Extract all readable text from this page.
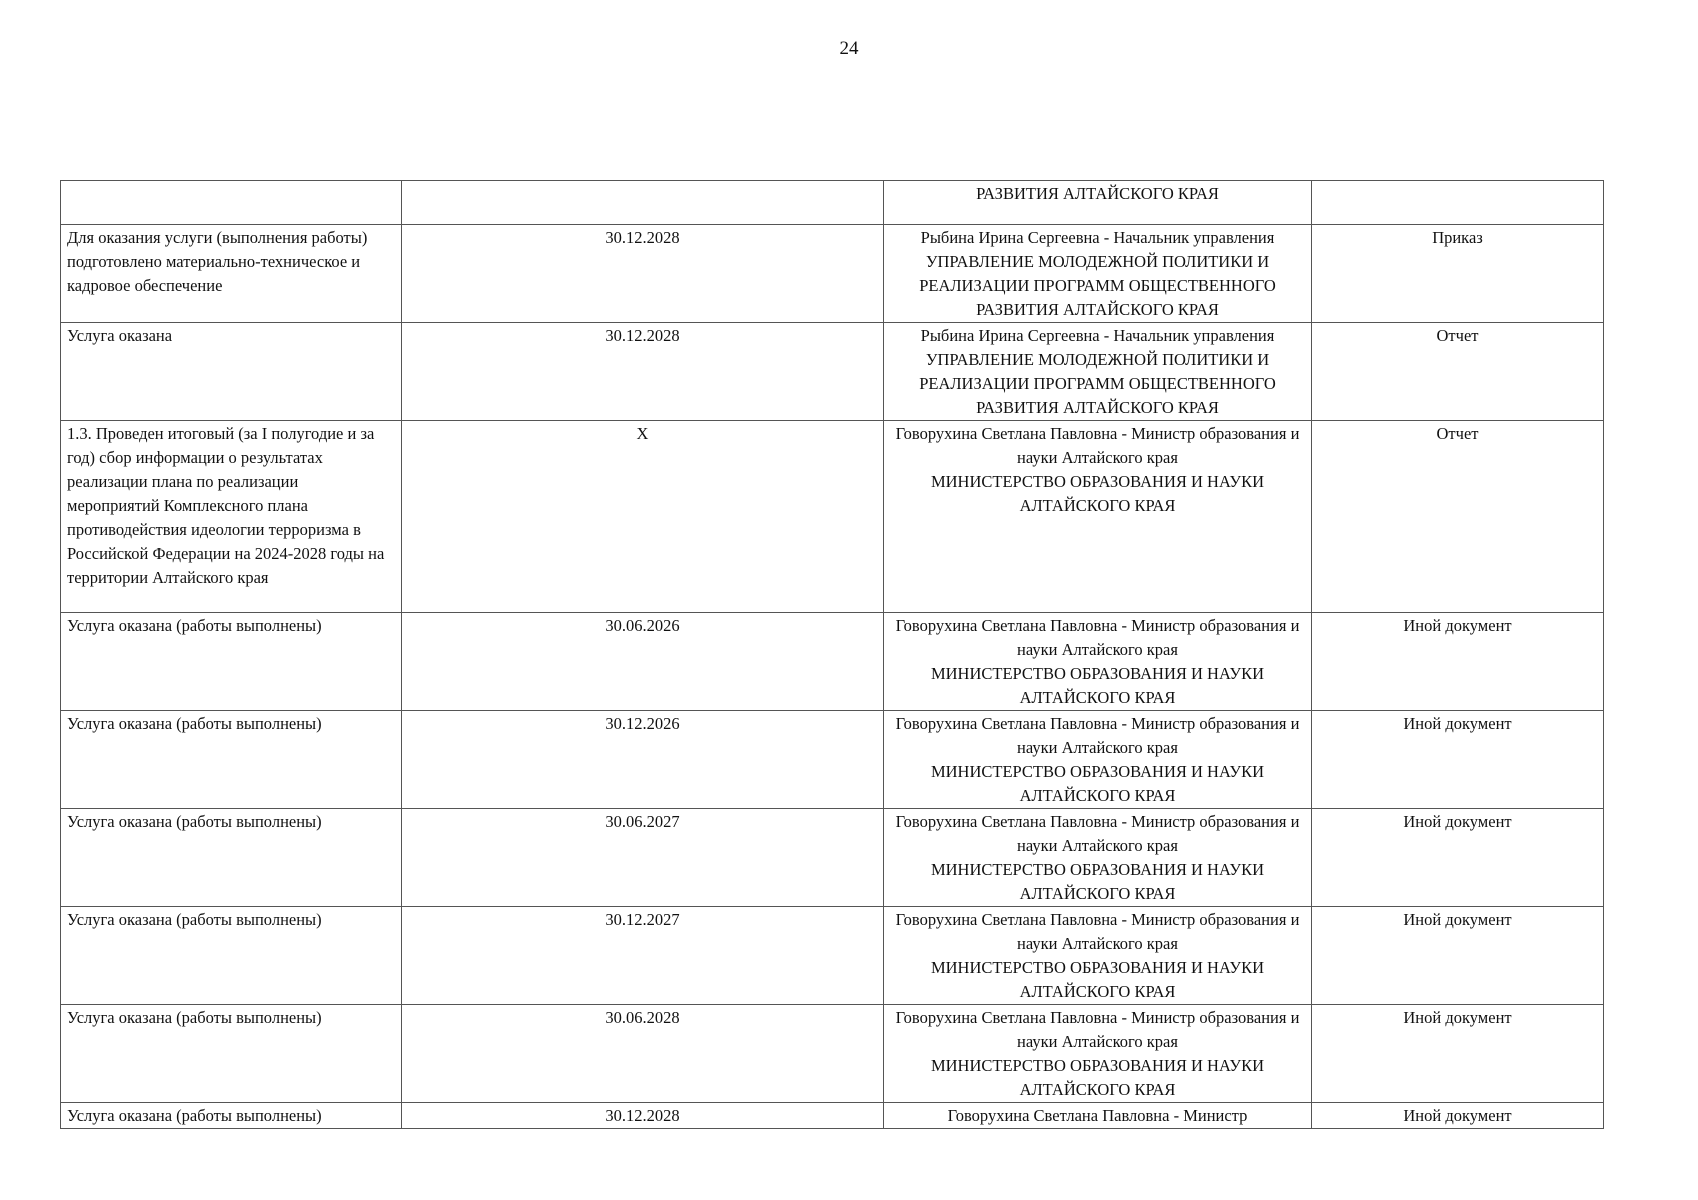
24

		РАЗВИТИЯ АЛТАЙСКОГО КРАЯ	

Для оказания услуги (выполнения работы) подготовлено материально-техническое и кадровое обеспечение	30.12.2028	Рыбина Ирина Сергеевна - Начальник управления
УПРАВЛЕНИЕ МОЛОДЕЖНОЙ ПОЛИТИКИ И РЕАЛИЗАЦИИ ПРОГРАММ ОБЩЕСТВЕННОГО РАЗВИТИЯ АЛТАЙСКОГО КРАЯ	Приказ
Услуга оказана	30.12.2028	Рыбина Ирина Сергеевна - Начальник управления
УПРАВЛЕНИЕ МОЛОДЕЖНОЙ ПОЛИТИКИ И РЕАЛИЗАЦИИ ПРОГРАММ ОБЩЕСТВЕННОГО РАЗВИТИЯ АЛТАЙСКОГО КРАЯ	Отчет
1.3. Проведен итоговый (за I полугодие и за год) сбор информации о результатах реализации плана по реализации мероприятий Комплексного плана противодействия идеологии терроризма в Российской Федерации на 2024-2028 годы на территории Алтайского края	X	Говорухина Светлана Павловна - Министр образования и науки Алтайского края
МИНИСТЕРСТВО ОБРАЗОВАНИЯ И НАУКИ АЛТАЙСКОГО КРАЯ	Отчет
Услуга оказана (работы выполнены)	30.06.2026	Говорухина Светлана Павловна - Министр образования и науки Алтайского края
МИНИСТЕРСТВО ОБРАЗОВАНИЯ И НАУКИ АЛТАЙСКОГО КРАЯ	Иной документ
Услуга оказана (работы выполнены)	30.12.2026	Говорухина Светлана Павловна - Министр образования и науки Алтайского края
МИНИСТЕРСТВО ОБРАЗОВАНИЯ И НАУКИ АЛТАЙСКОГО КРАЯ	Иной документ
Услуга оказана (работы выполнены)	30.06.2027	Говорухина Светлана Павловна - Министр образования и науки Алтайского края
МИНИСТЕРСТВО ОБРАЗОВАНИЯ И НАУКИ АЛТАЙСКОГО КРАЯ	Иной документ
Услуга оказана (работы выполнены)	30.12.2027	Говорухина Светлана Павловна - Министр образования и науки Алтайского края
МИНИСТЕРСТВО ОБРАЗОВАНИЯ И НАУКИ АЛТАЙСКОГО КРАЯ	Иной документ
Услуга оказана (работы выполнены)	30.06.2028	Говорухина Светлана Павловна - Министр образования и науки Алтайского края
МИНИСТЕРСТВО ОБРАЗОВАНИЯ И НАУКИ АЛТАЙСКОГО КРАЯ	Иной документ
Услуга оказана (работы выполнены)	30.12.2028	Говорухина Светлана Павловна - Министр	Иной документ
